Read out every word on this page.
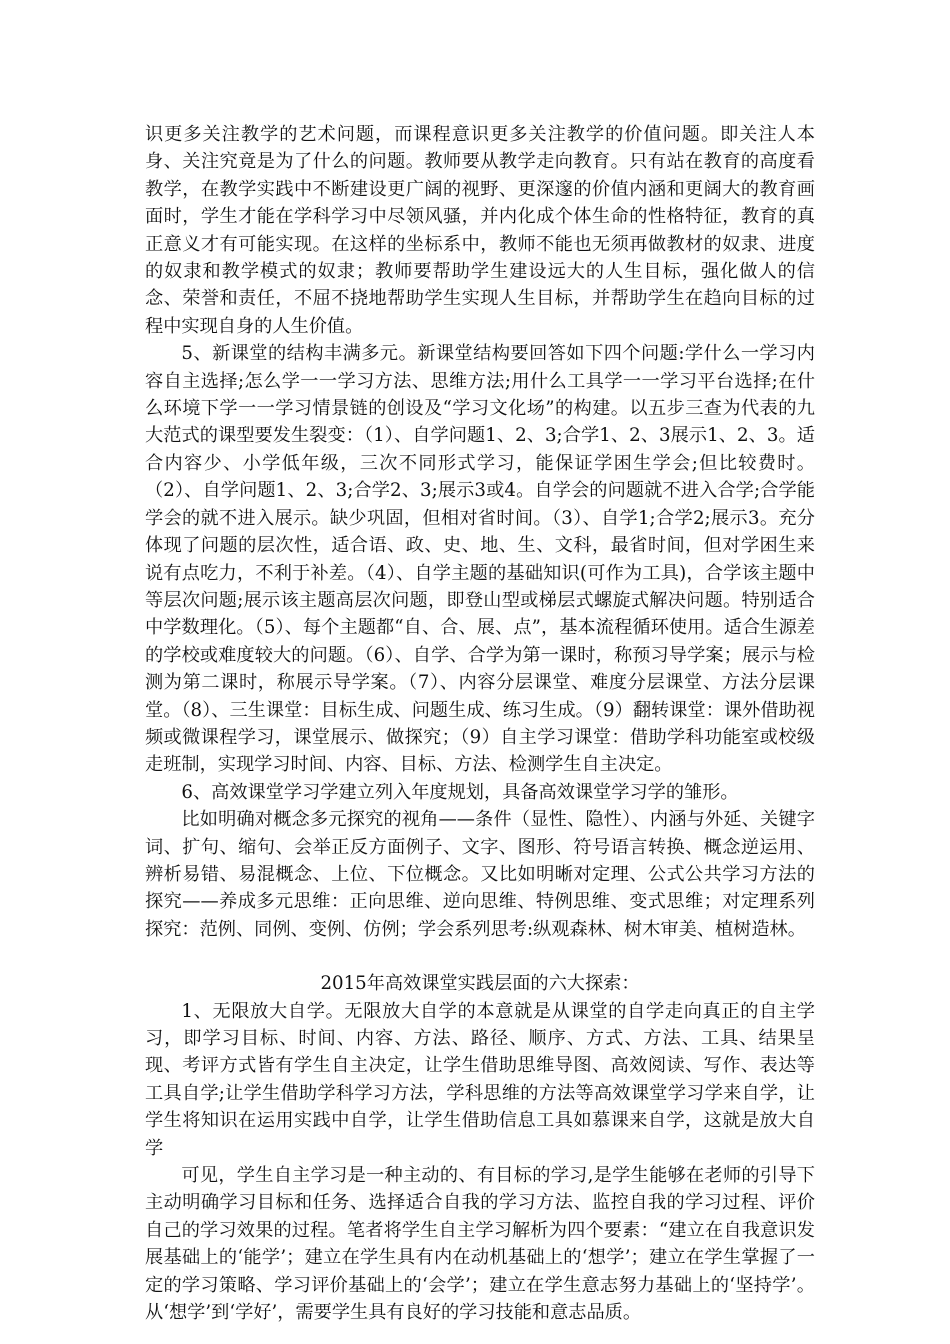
识更多关注教学的艺术问题，而课程意识更多关注教学的价值问题。即关注人本身、关注究竟是为了什么的问题。教师要从教学走向教育。只有站在教育的高度看教学，在教学实践中不断建设更广阔的视野、更深邃的价值内涵和更阔大的教育画面时，学生才能在学科学习中尽领风骚，并内化成个体生命的性格特征，教育的真正意义才有可能实现。在这样的坐标系中，教师不能也无须再做教材的奴隶、进度的奴隶和教学模式的奴隶；教师要帮助学生建设远大的人生目标，强化做人的信念、荣誉和责任，不屈不挠地帮助学生实现人生目标，并帮助学生在趋向目标的过程中实现自身的人生价值。

5、新课堂的结构丰满多元。新课堂结构要回答如下四个问题:学什么一学习内容自主选择;怎么学一一学习方法、思维方法;用什么工具学一一学习平台选择;在什么环境下学一一学习情景链的创设及“学习文化场”的构建。以五步三查为代表的九大范式的课型要发生裂变：（1）、自学问题1、2、3;合学1、2、3展示1、2、3。适合内容少、小学低年级，三次不同形式学习，能保证学困生学会;但比较费时。（2）、自学问题1、2、3;合学2、3;展示3或4。自学会的问题就不进入合学;合学能学会的就不进入展示。缺少巩固，但相对省时间。（3）、自学1;合学2;展示3。充分体现了问题的层次性，适合语、政、史、地、生、文科，最省时间，但对学困生来说有点吃力，不利于补差。（4）、自学主题的基础知识(可作为工具)，合学该主题中等层次问题;展示该主题高层次问题，即登山型或梯层式螺旋式解决问题。特别适合中学数理化。（5）、每个主题都“自、合、展、点”，基本流程循环使用。适合生源差的学校或难度较大的问题。（6）、自学、合学为第一课时，称预习导学案；展示与检测为第二课时，称展示导学案。（7）、内容分层课堂、难度分层课堂、方法分层课堂。（8）、三生课堂：目标生成、问题生成、练习生成。（9）翻转课堂：课外借助视频或微课程学习，课堂展示、做探究；（9）自主学习课堂：借助学科功能室或校级走班制，实现学习时间、内容、目标、方法、检测学生自主决定。

6、高效课堂学习学建立列入年度规划，具备高效课堂学习学的雏形。

比如明确对概念多元探究的视角——条件（显性、隐性）、内涵与外延、关键字词、扩句、缩句、会举正反方面例子、文字、图形、符号语言转换、概念逆运用、辨析易错、易混概念、上位、下位概念。又比如明晰对定理、公式公共学习方法的探究——养成多元思维：正向思维、逆向思维、特例思维、变式思维；对定理系列探究：范例、同例、变例、仿例；学会系列思考:纵观森林、树木审美、植树造林。

2015年高效课堂实践层面的六大探索：

1、无限放大自学。无限放大自学的本意就是从课堂的自学走向真正的自主学习，即学习目标、时间、内容、方法、路径、顺序、方式、方法、工具、结果呈现、考评方式皆有学生自主决定，让学生借助思维导图、高效阅读、写作、表达等工具自学;让学生借助学科学习方法，学科思维的方法等高效课堂学习学来自学，让学生将知识在运用实践中自学，让学生借助信息工具如慕课来自学，这就是放大自学

可见，学生自主学习是一种主动的、有目标的学习,是学生能够在老师的引导下主动明确学习目标和任务、选择适合自我的学习方法、监控自我的学习过程、评价自己的学习效果的过程。笔者将学生自主学习解析为四个要素：“建立在自我意识发展基础上的‘能学’；建立在学生具有内在动机基础上的‘想学’；建立在学生掌握了一定的学习策略、学习评价基础上的‘会学’；建立在学生意志努力基础上的‘坚持学’。从‘想学’到‘学好’，需要学生具有良好的学习技能和意志品质。
